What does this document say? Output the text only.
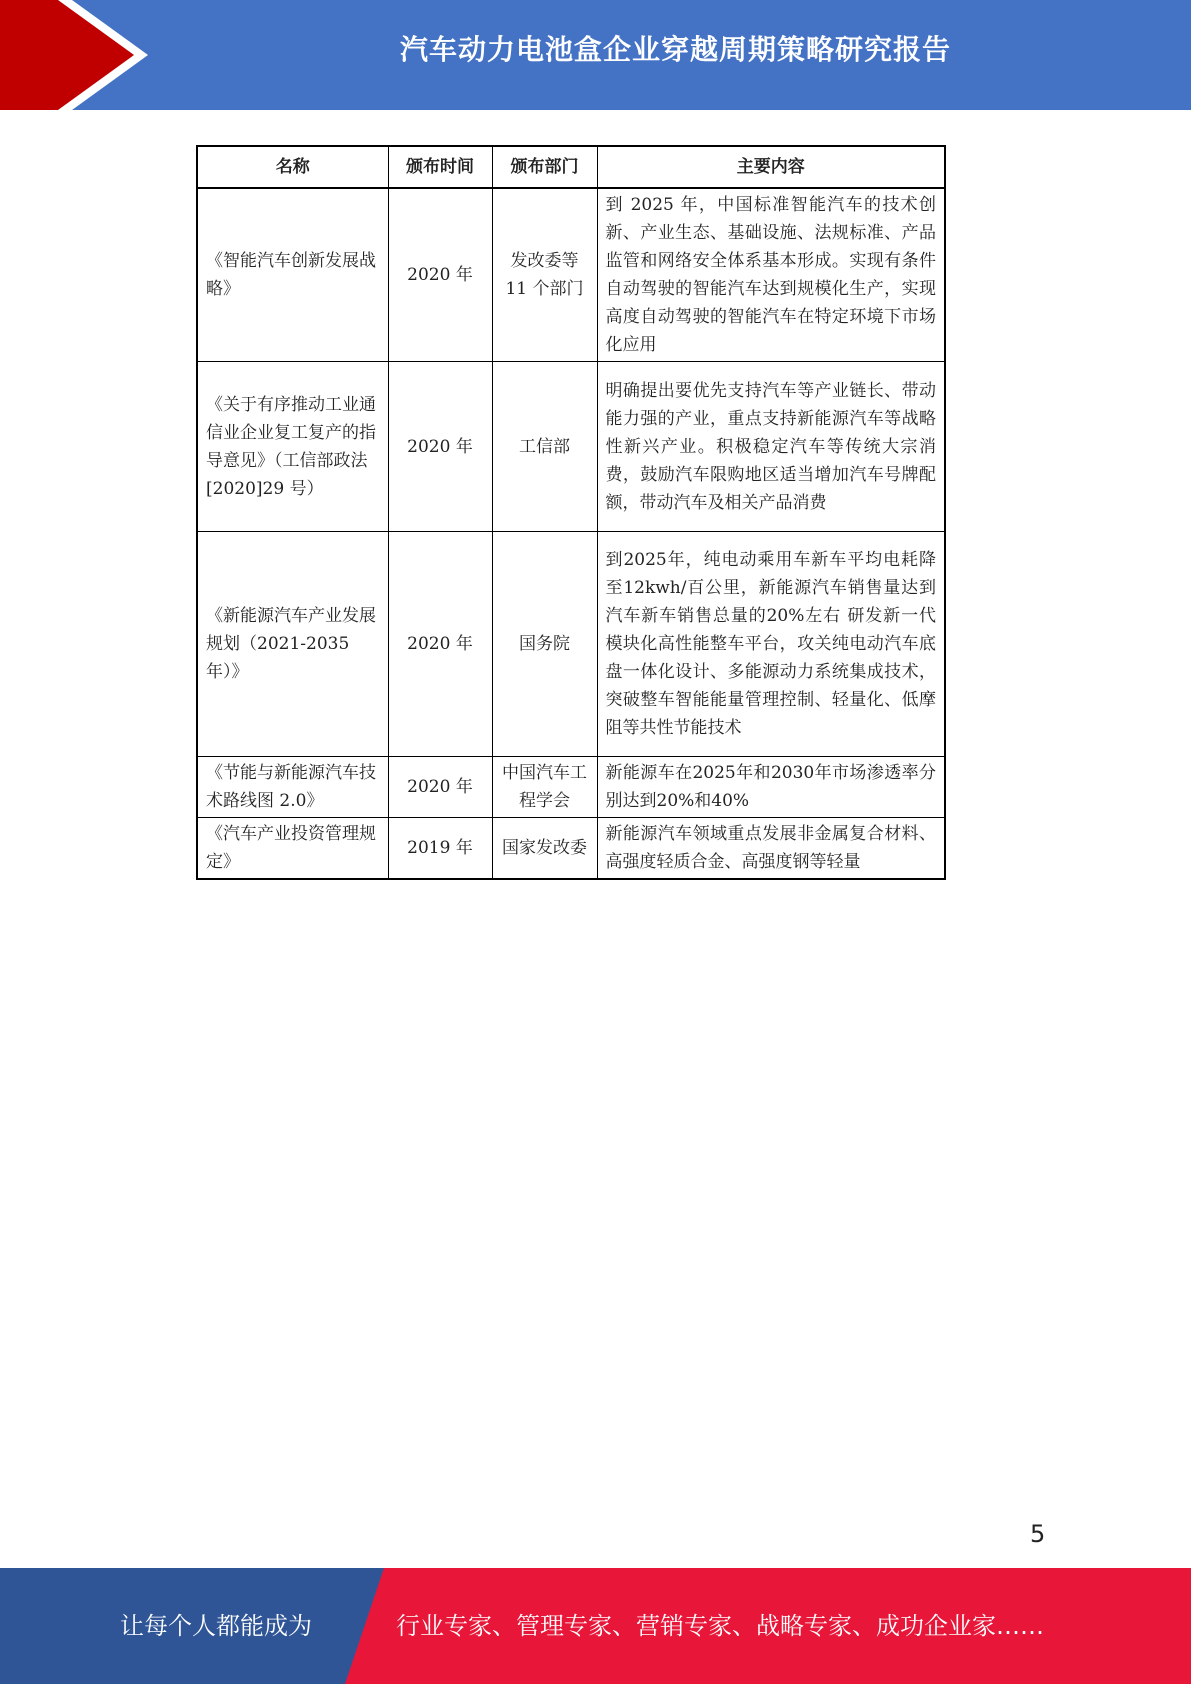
汽车动力电池盒企业穿越周期策略研究报告
名称	颁布时间	颁布部门	主要内容
《智能汽车创新发展战略》	2020 年	发改委等 11 个部门	到 2025 年，中国标准智能汽车的技术创新、产业生态、基础设施、法规标准、产品监管和网络安全体系基本形成。实现有条件自动驾驶的智能汽车达到规模化生产，实现高度自动驾驶的智能汽车在特定环境下市场化应用
《关于有序推动工业通信业企业复工复产的指导意见》（工信部政法[2020]29 号）	2020 年	工信部	明确提出要优先支持汽车等产业链长、带动能力强的产业，重点支持新能源汽车等战略性新兴产业。积极稳定汽车等传统大宗消费，鼓励汽车限购地区适当增加汽车号牌配额，带动汽车及相关产品消费
《新能源汽车产业发展规划（2021-2035 年）》	2020 年	国务院	到2025年，纯电动乘用车新车平均电耗降至12kwh/百公里，新能源汽车销售量达到汽车新车销售总量的20%左右 研发新一代模块化高性能整车平台，攻关纯电动汽车底盘一体化设计、多能源动力系统集成技术，突破整车智能能量管理控制、轻量化、低摩阻等共性节能技术
《节能与新能源汽车技术路线图 2.0》	2020 年	中国汽车工程学会	新能源车在2025年和2030年市场渗透率分别达到20%和40%
《汽车产业投资管理规定》	2019 年	国家发改委	新能源汽车领域重点发展非金属复合材料、高强度轻质合金、高强度钢等轻量
5
让每个人都能成为	行业专家、管理专家、营销专家、战略专家、成功企业家……
